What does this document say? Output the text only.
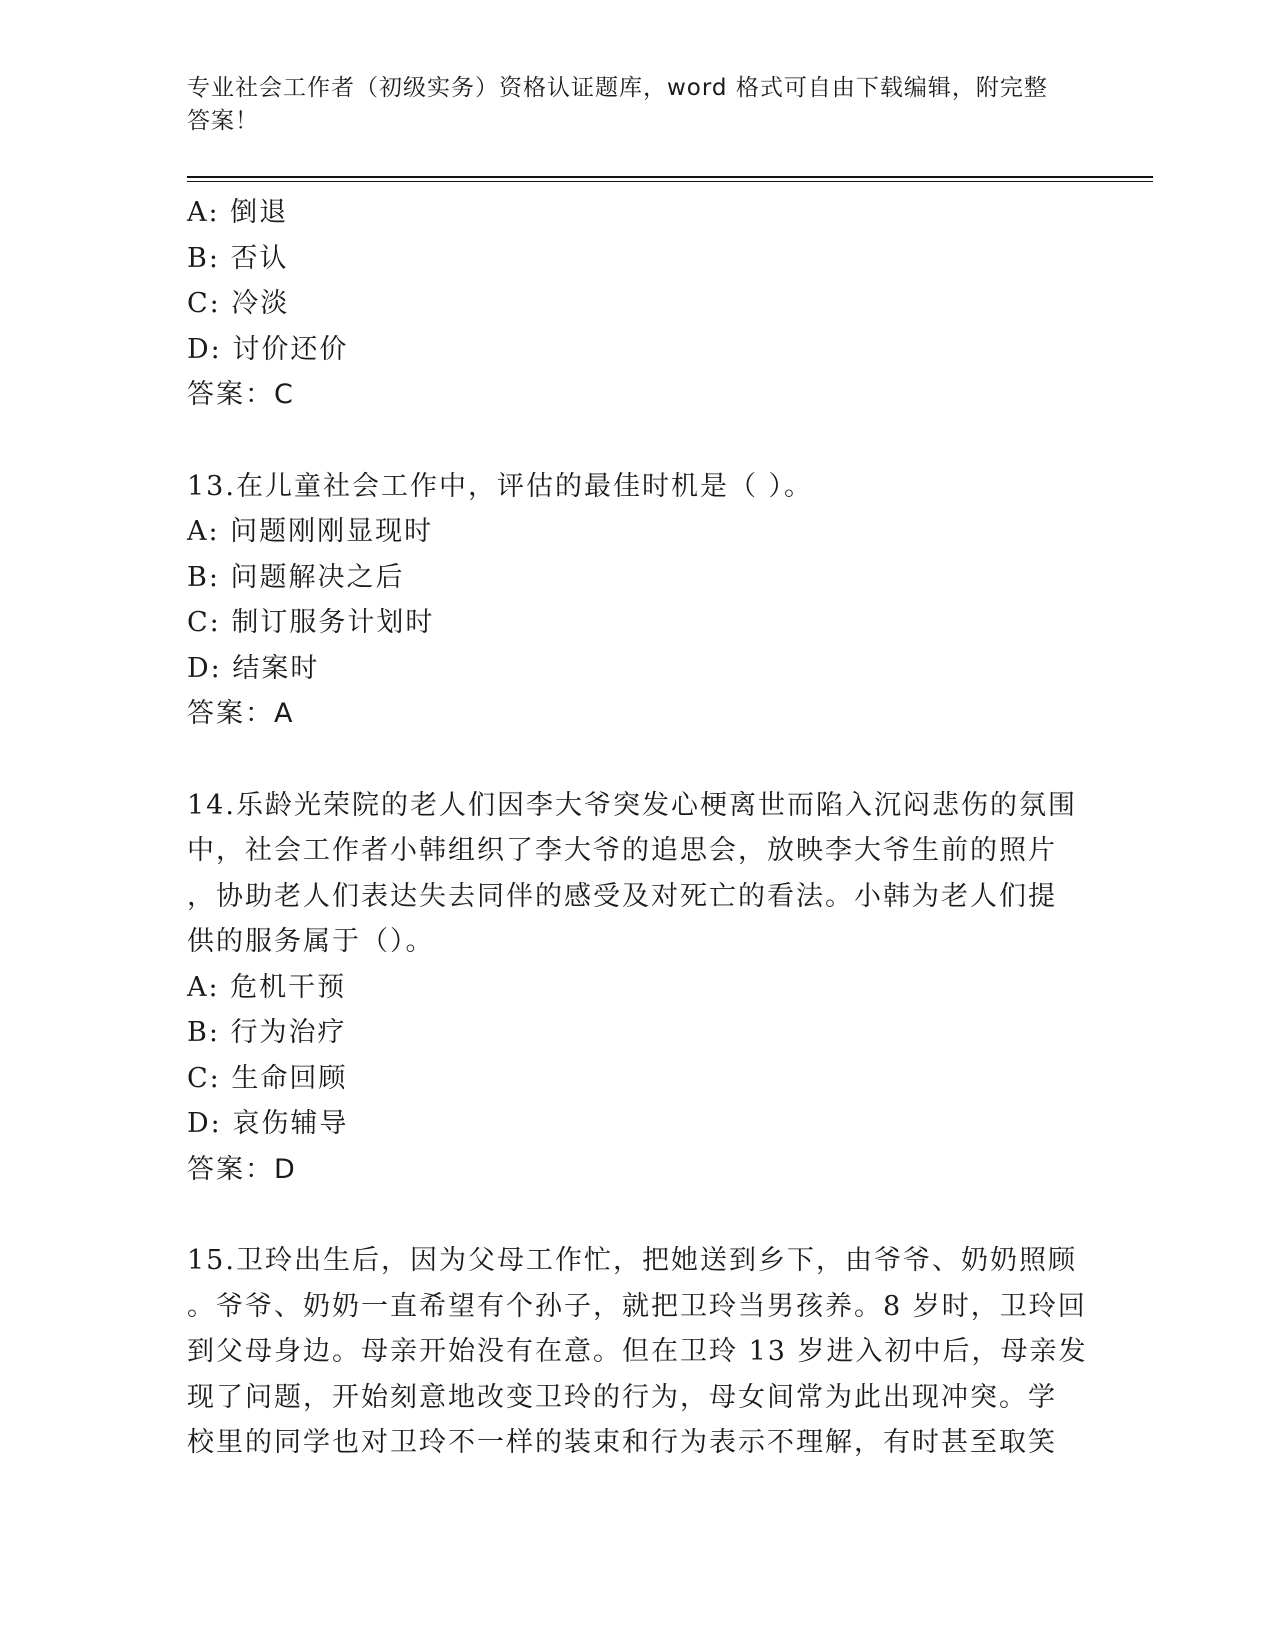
专业社会工作者（初级实务）资格认证题库，word 格式可自由下载编辑，附完整
答案！
A: 倒退
B: 否认
C: 冷淡
D: 讨价还价
答案：C
13.在儿童社会工作中，评估的最佳时机是（ ）。
A: 问题刚刚显现时
B: 问题解决之后
C: 制订服务计划时
D: 结案时
答案：A
14.乐龄光荣院的老人们因李大爷突发心梗离世而陷入沉闷悲伤的氛围
中，社会工作者小韩组织了李大爷的追思会，放映李大爷生前的照片
，协助老人们表达失去同伴的感受及对死亡的看法。小韩为老人们提
供的服务属于（）。
A: 危机干预
B: 行为治疗
C: 生命回顾
D: 哀伤辅导
答案：D
15.卫玲出生后，因为父母工作忙，把她送到乡下，由爷爷、奶奶照顾
。爷爷、奶奶一直希望有个孙子，就把卫玲当男孩养。8 岁时，卫玲回
到父母身边。母亲开始没有在意。但在卫玲 13 岁进入初中后，母亲发
现了问题，开始刻意地改变卫玲的行为，母女间常为此出现冲突。学
校里的同学也对卫玲不一样的装束和行为表示不理解，有时甚至取笑
